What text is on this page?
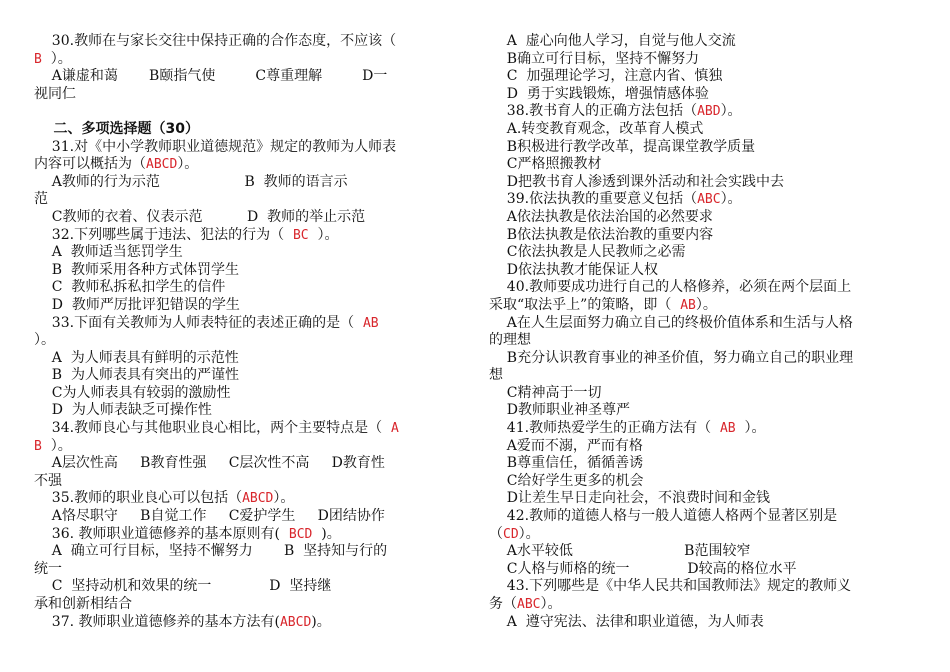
30.教师在与家长交往中保持正确的合作态度，不应该（
B  ）。
A谦虚和蔼       B颐指气使         C尊重理解         D一
视同仁
二、多项选择题（30）
31.对《中小学教师职业道德规范》规定的教师为人师表
内容可以概括为（ABCD）。
A教师的行为示范                   B  教师的语言示
范
C教师的衣着、仪表示范          D  教师的举止示范
32.下列哪些属于违法、犯法的行为（  BC  ）。
A  教师适当惩罚学生
B  教师采用各种方式体罚学生
C  教师私拆私扣学生的信件
D  教师严厉批评犯错误的学生
33.下面有关教师为人师表特征的表述正确的是（  AB
）。
A  为人师表具有鲜明的示范性
B  为人师表具有突出的严谨性
C为人师表具有较弱的激励性
D  为人师表缺乏可操作性
34.教师良心与其他职业良心相比，两个主要特点是（  A
B  ）。
A层次性高     B教育性强     C层次性不高     D教育性
不强
35.教师的职业良心可以包括（ABCD）。
A恪尽职守     B自觉工作     C爱护学生     D团结协作
36. 教师职业道德修养的基本原则有(  BCD  )。
A  确立可行目标，坚持不懈努力       B  坚持知与行的
统一
C  坚持动机和效果的统一             D  坚持继
承和创新相结合
37. 教师职业道德修养的基本方法有(ABCD)。
A  虚心向他人学习，自觉与他人交流
B确立可行目标，坚持不懈努力
C  加强理论学习，注意内省、慎独
D  勇于实践锻炼，增强情感体验
38.教书育人的正确方法包括（ABD）。
A.转变教育观念，改革育人模式
B积极进行教学改革，提高课堂教学质量
C严格照搬教材
D把教书育人渗透到课外活动和社会实践中去
39.依法执教的重要意义包括（ABC）。
A依法执教是依法治国的必然要求
B依法执教是依法治教的重要内容
C依法执教是人民教师之必需
D依法执教才能保证人权
40.教师要成功进行自己的人格修养，必须在两个层面上
采取“取法乎上”的策略，即（  AB）。
A在人生层面努力确立自己的终极价值体系和生活与人格
的理想
B充分认识教育事业的神圣价值，努力确立自己的职业理
想
C精神高于一切
D教师职业神圣尊严
41.教师热爱学生的正确方法有（  AB  ）。
A爱而不溺，严而有格
B尊重信任，循循善诱
C给好学生更多的机会
D让差生早日走向社会，不浪费时间和金钱
42.教师的道德人格与一般人道德人格两个显著区别是
（CD）。
A水平较低                         B范围较窄
C人格与师格的统一             D较高的格位水平
43.下列哪些是《中华人民共和国教师法》规定的教师义
务（ABC）。
A  遵守宪法、法律和职业道德，为人师表
